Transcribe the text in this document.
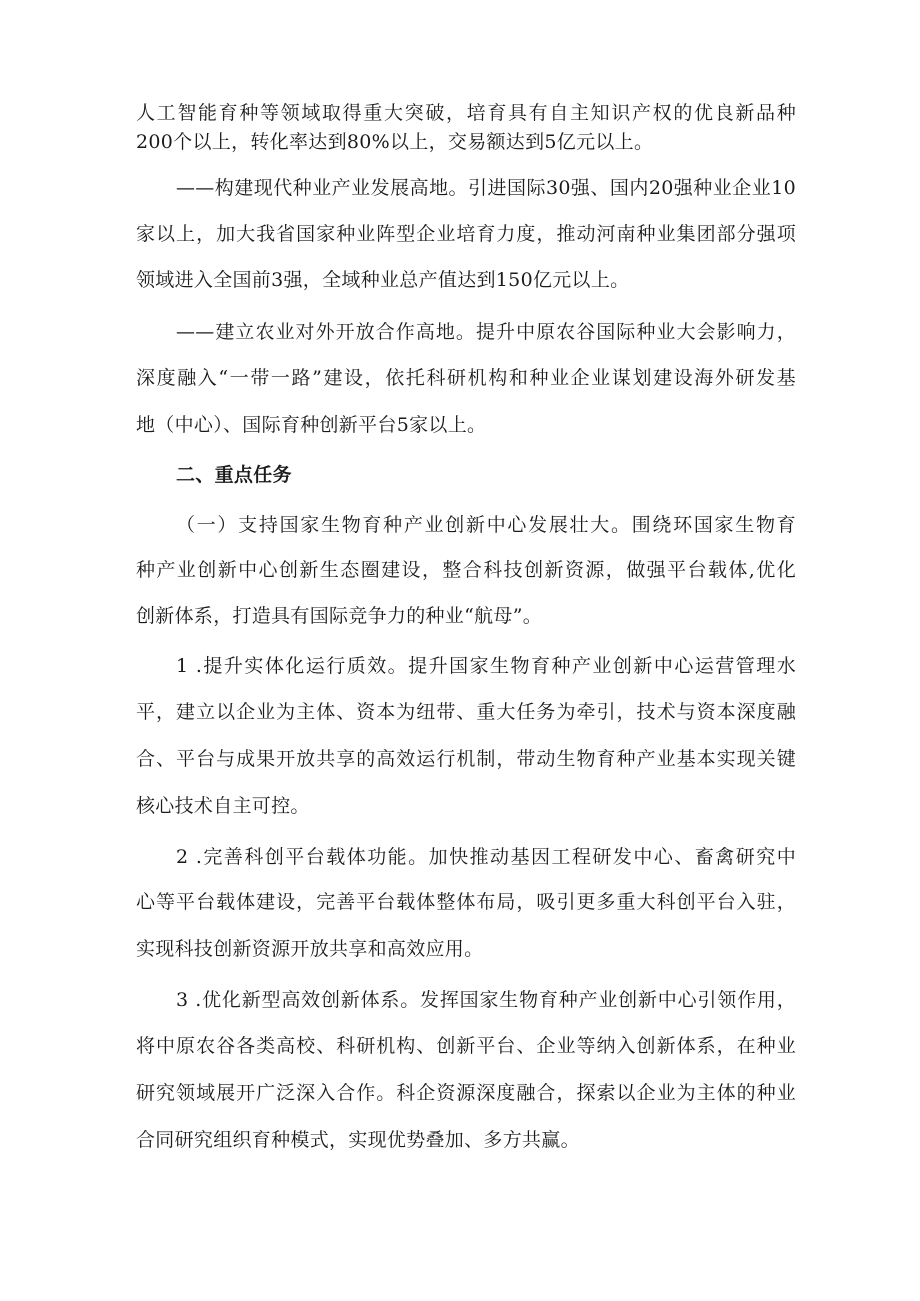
人工智能育种等领域取得重大突破，培育具有自主知识产权的优良新品种
200个以上，转化率达到80%以上，交易额达到5亿元以上。
——构建现代种业产业发展高地。引进国际30强、国内20强种业企业10
家以上，加大我省国家种业阵型企业培育力度，推动河南种业集团部分强项
领域进入全国前3强，全域种业总产值达到150亿元以上。
——建立农业对外开放合作高地。提升中原农谷国际种业大会影响力，
深度融入“一带一路”建设，依托科研机构和种业企业谋划建设海外研发基
地（中心）、国际育种创新平台5家以上。
二、重点任务
（一）支持国家生物育种产业创新中心发展壮大。围绕环国家生物育
种产业创新中心创新生态圈建设，整合科技创新资源，做强平台载体,优化
创新体系，打造具有国际竞争力的种业“航母”。
1 .提升实体化运行质效。提升国家生物育种产业创新中心运营管理水
平，建立以企业为主体、资本为纽带、重大任务为牵引，技术与资本深度融
合、平台与成果开放共享的高效运行机制，带动生物育种产业基本实现关键
核心技术自主可控。
2 .完善科创平台载体功能。加快推动基因工程研发中心、畜禽研究中
心等平台载体建设，完善平台载体整体布局，吸引更多重大科创平台入驻，
实现科技创新资源开放共享和高效应用。
3 .优化新型高效创新体系。发挥国家生物育种产业创新中心引领作用，
将中原农谷各类高校、科研机构、创新平台、企业等纳入创新体系，在种业
研究领域展开广泛深入合作。科企资源深度融合，探索以企业为主体的种业
合同研究组织育种模式，实现优势叠加、多方共赢。
